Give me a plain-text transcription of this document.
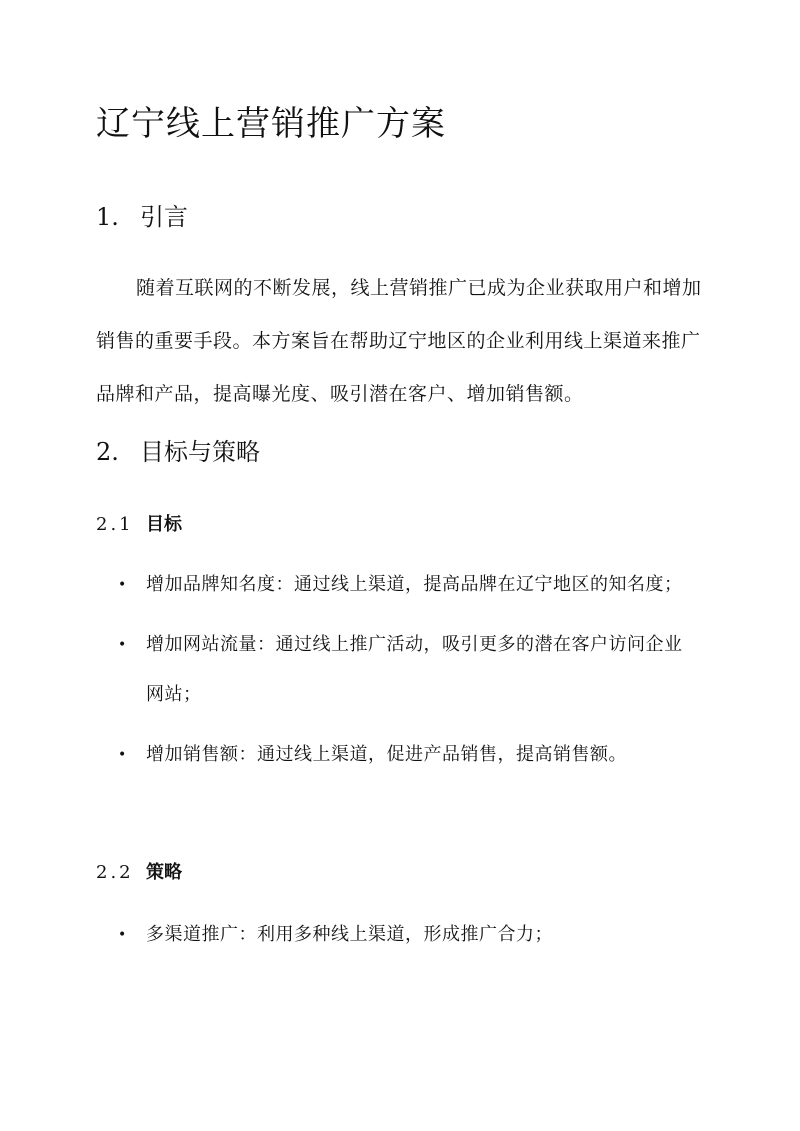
辽宁线上营销推广方案
1. 引言

随着互联网的不断发展，线上营销推广已成为企业获取用户和增加销售的重要手段。本方案旨在帮助辽宁地区的企业利用线上渠道来推广品牌和产品，提高曝光度、吸引潜在客户、增加销售额。

2. 目标与策略
2.1 目标
• 增加品牌知名度：通过线上渠道，提高品牌在辽宁地区的知名度；
• 增加网站流量：通过线上推广活动，吸引更多的潜在客户访问企业网站；
• 增加销售额：通过线上渠道，促进产品销售，提高销售额。
2.2 策略
• 多渠道推广：利用多种线上渠道，形成推广合力；
